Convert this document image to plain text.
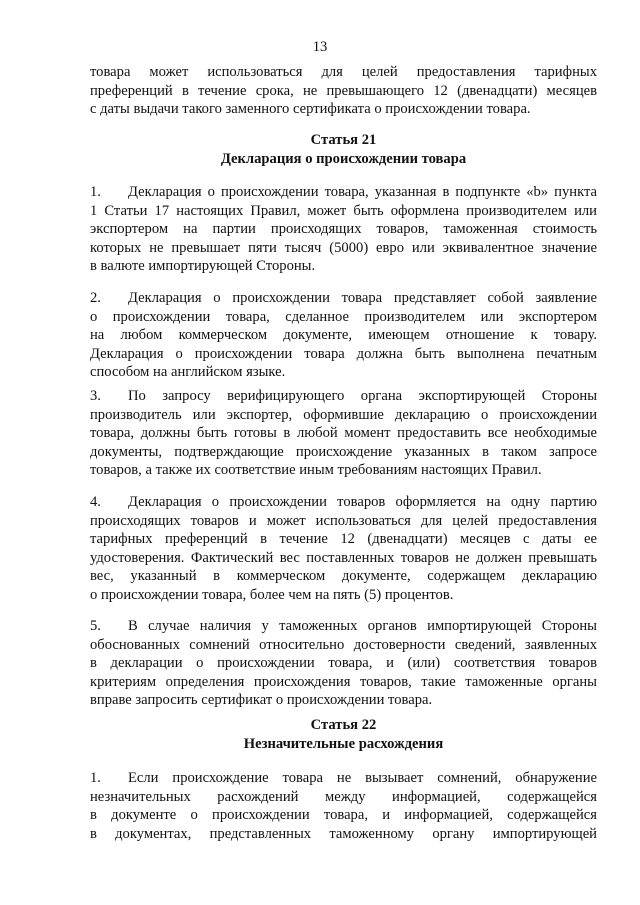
13
товара может использоваться для целей предоставления тарифных
преференций в течение срока, не превышающего 12 (двенадцати) месяцев
с даты выдачи такого заменного сертификата о происхождении товара.
Статья 21
Декларация о происхождении товара
1.	Декларация о происхождении товара, указанная в подпункте «b» пункта
1 Статьи 17 настоящих Правил, может быть оформлена производителем или
экспортером на партии происходящих товаров, таможенная стоимость
которых не превышает пяти тысяч (5000) евро или эквивалентное значение
в валюте импортирующей Стороны.
2.	Декларация о происхождении товара представляет собой заявление
о происхождении товара, сделанное производителем или экспортером
на любом коммерческом документе, имеющем отношение к товару.
Декларация о происхождении товара должна быть выполнена печатным
способом на английском языке.
3.	По запросу верифицирующего органа экспортирующей Стороны
производитель или экспортер, оформившие декларацию о происхождении
товара, должны быть готовы в любой момент предоставить все необходимые
документы, подтверждающие происхождение указанных в таком запросе
товаров, а также их соответствие иным требованиям настоящих Правил.
4.	Декларация о происхождении товаров оформляется на одну партию
происходящих товаров и может использоваться для целей предоставления
тарифных преференций в течение 12 (двенадцати) месяцев с даты ее
удостоверения. Фактический вес поставленных товаров не должен превышать
вес, указанный в коммерческом документе, содержащем декларацию
о происхождении товара, более чем на пять (5) процентов.
5.	В случае наличия у таможенных органов импортирующей Стороны
обоснованных сомнений относительно достоверности сведений, заявленных
в декларации о происхождении товара, и (или) соответствия товаров
критериям определения происхождения товаров, такие таможенные органы
вправе запросить сертификат о происхождении товара.
Статья 22
Незначительные расхождения
1.	Если происхождение товара не вызывает сомнений, обнаружение
незначительных расхождений между информацией, содержащейся
в документе о происхождении товара, и информацией, содержащейся
в документах, представленных таможенному органу импортирующей
